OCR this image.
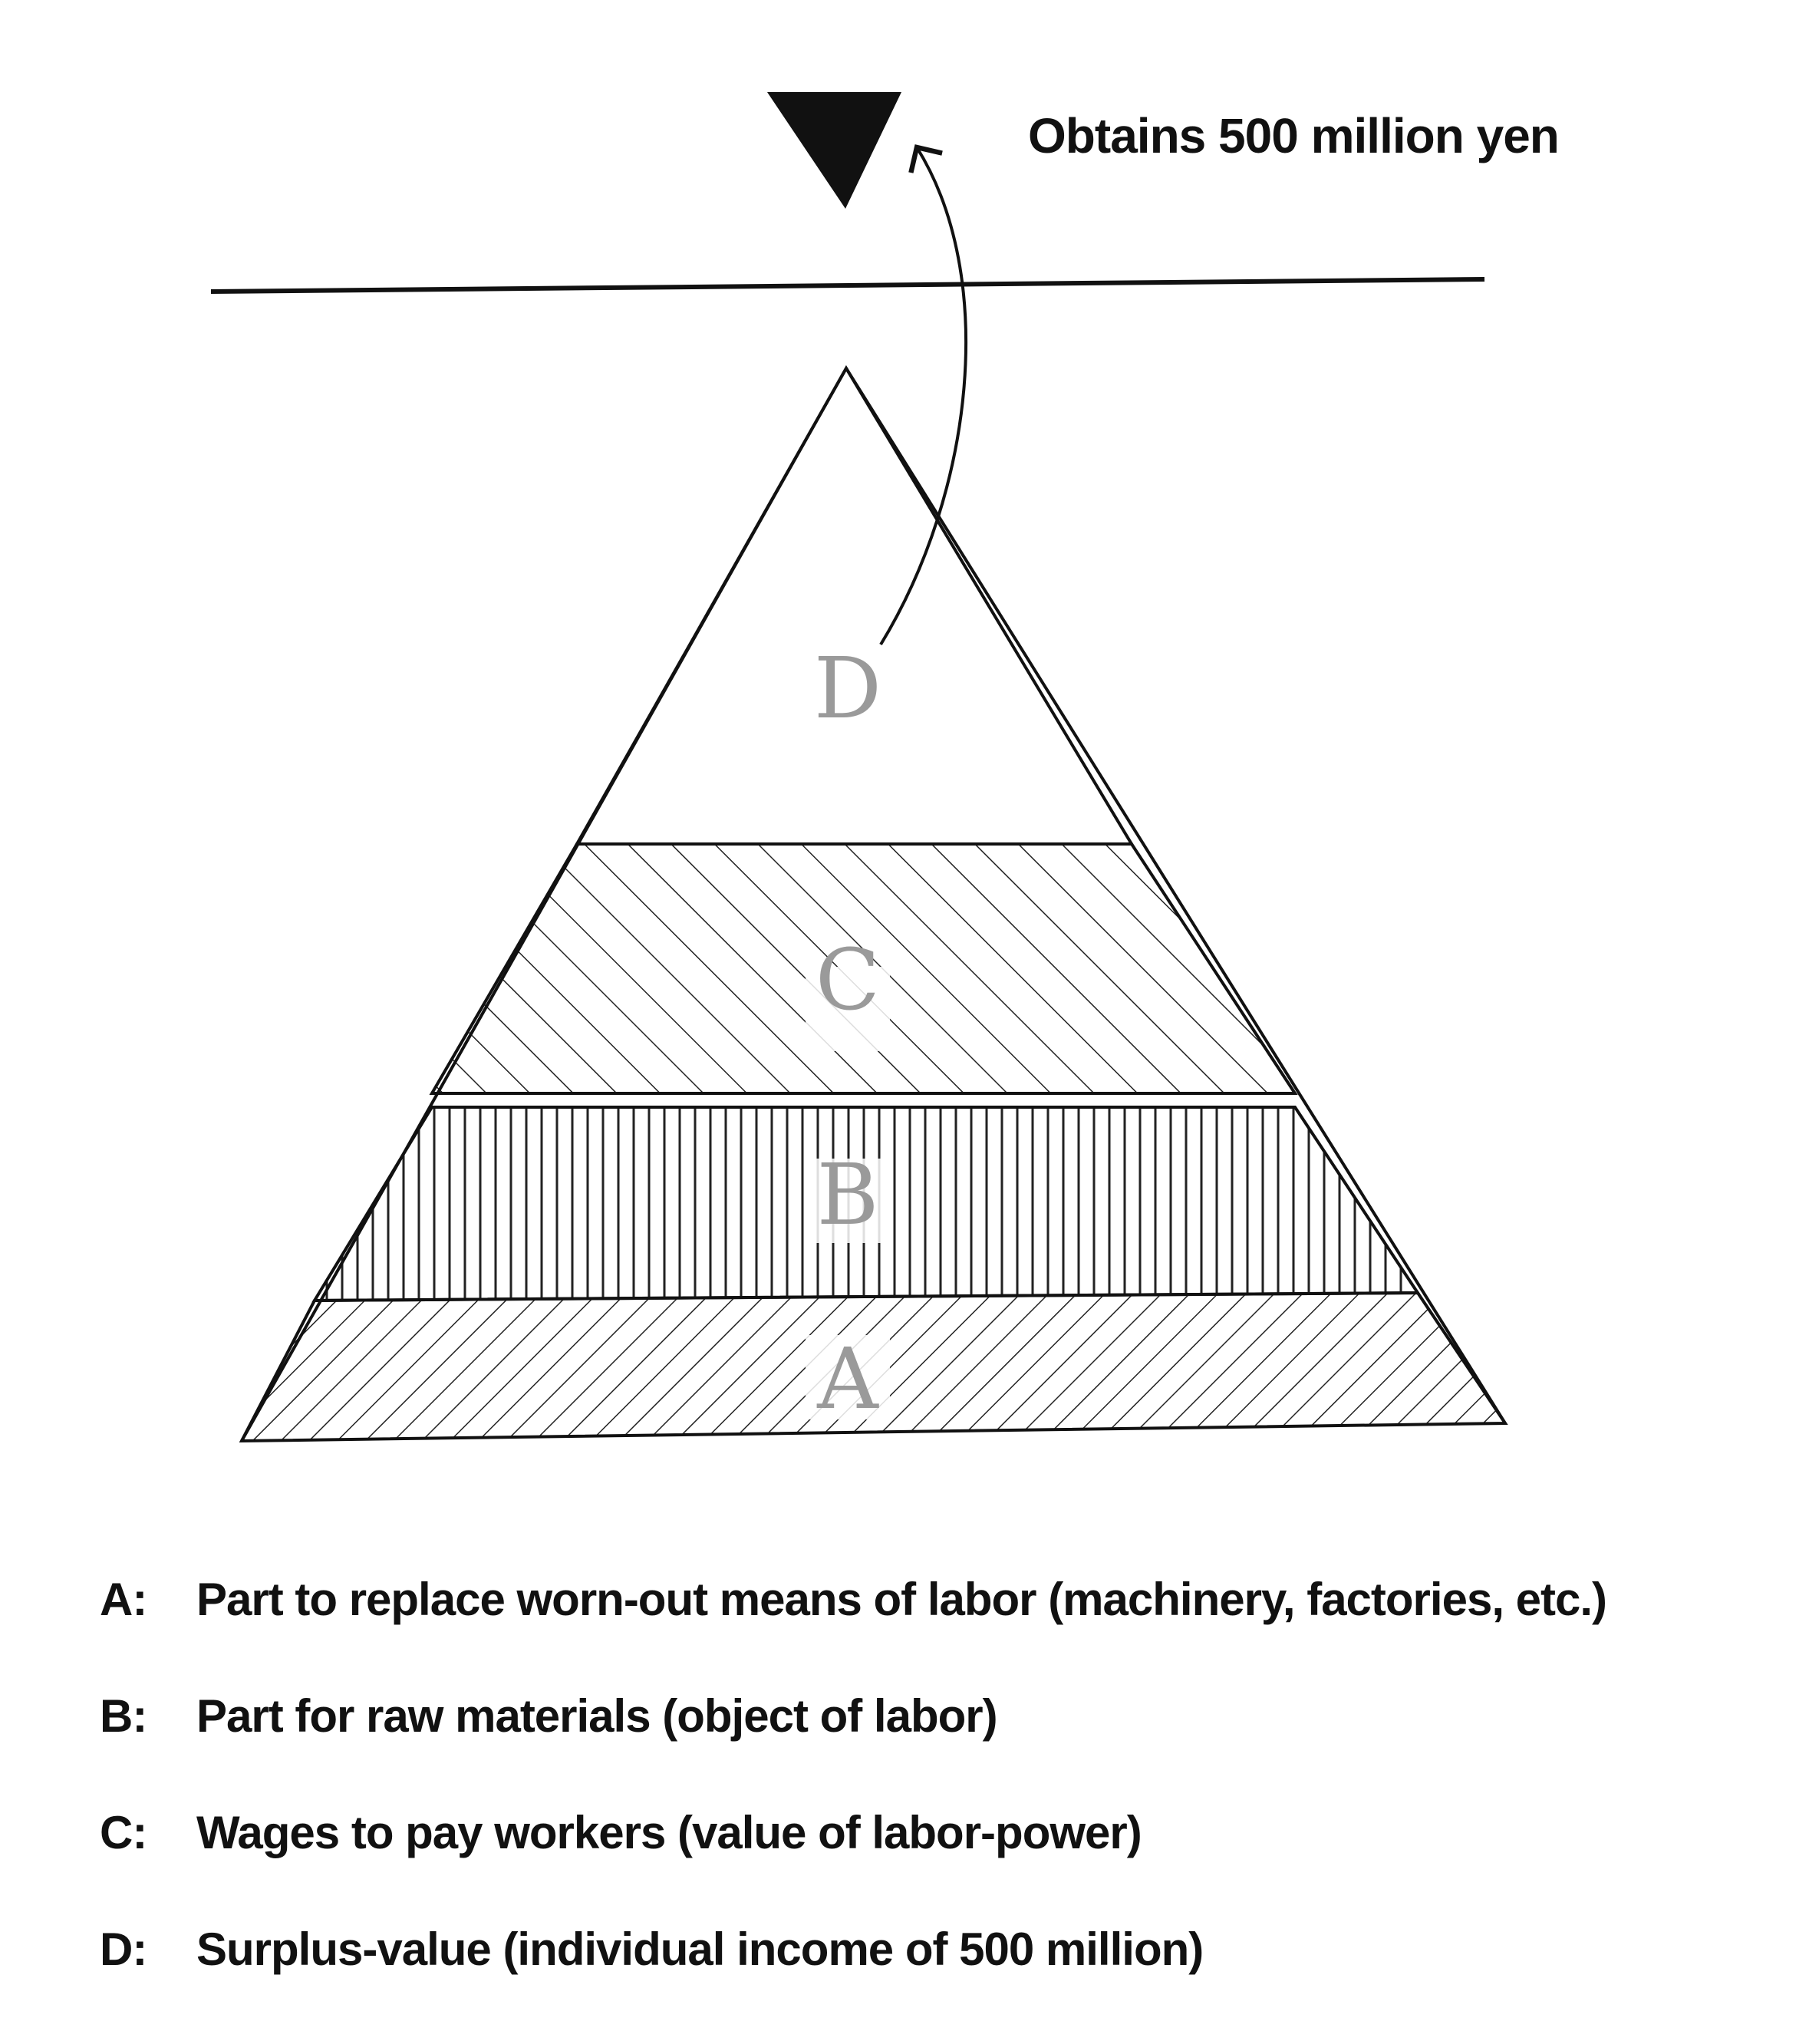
D
C
B
A
Obtains 500 million yen
A:	Part to replace worn-out means of labor (machinery, factories, etc.)
B:	Part for raw materials (object of labor)
C:	Wages to pay workers (value of labor-power)
D:	Surplus-value (individual income of 500 million)
